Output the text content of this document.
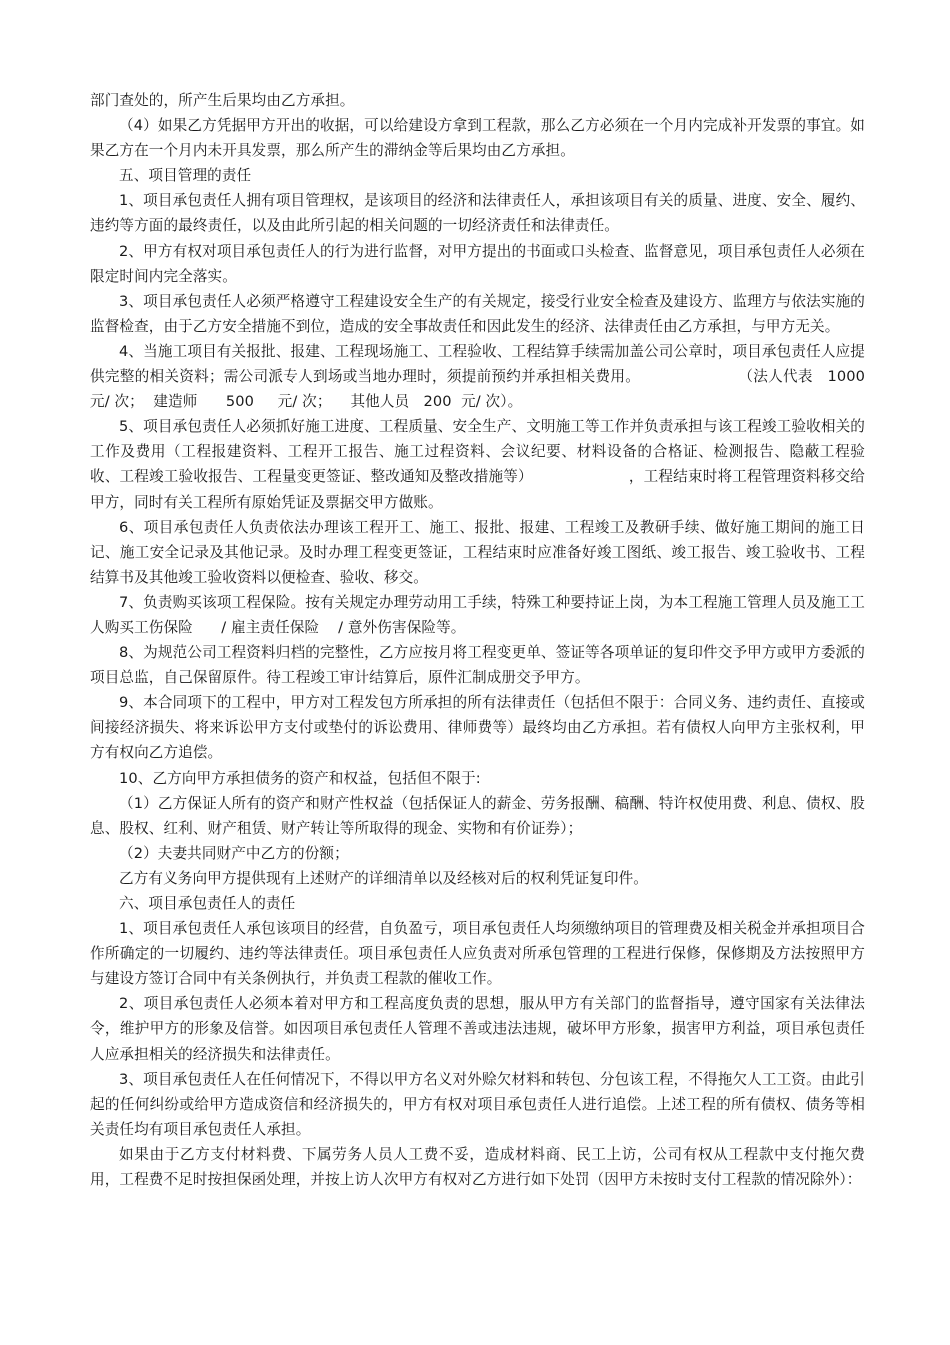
部门查处的，所产生后果均由乙方承担。

（4）如果乙方凭据甲方开出的收据，可以给建设方拿到工程款，那么乙方必须在一个月内完成补开发票的事宜。如果乙方在一个月内未开具发票，那么所产生的滞纳金等后果均由乙方承担。

五、项目管理的责任

1、项目承包责任人拥有项目管理权，是该项目的经济和法律责任人，承担该项目有关的质量、进度、安全、履约、违约等方面的最终责任，以及由此所引起的相关问题的一切经济责任和法律责任。

2、甲方有权对项目承包责任人的行为进行监督，对甲方提出的书面或口头检查、监督意见，项目承包责任人必须在限定时间内完全落实。

3、项目承包责任人必须严格遵守工程建设安全生产的有关规定，接受行业安全检查及建设方、监理方与依法实施的监督检查，由于乙方安全措施不到位，造成的安全事故责任和因此发生的经济、法律责任由乙方承担，与甲方无关。

4、当施工项目有关报批、报建、工程现场施工、工程验收、工程结算手续需加盖公司公章时，项目承包责任人应提供完整的相关资料；需公司派专人到场或当地办理时，须提前预约并承担相关费用。                    （法人代表   1000 元/ 次；  建造师      500     元/ 次；    其他人员   200  元/ 次）。

5、项目承包责任人必须抓好施工进度、工程质量、安全生产、文明施工等工作并负责承担与该工程竣工验收相关的工作及费用（工程报建资料、工程开工报告、施工过程资料、会议纪要、材料设备的合格证、检测报告、隐蔽工程验收、工程竣工验收报告、工程量变更签证、整改通知及整改措施等）                    ，工程结束时将工程管理资料移交给甲方，同时有关工程所有原始凭证及票据交甲方做账。

6、项目承包责任人负责依法办理该工程开工、施工、报批、报建、工程竣工及教研手续、做好施工期间的施工日记、施工安全记录及其他记录。及时办理工程变更签证，工程结束时应准备好竣工图纸、竣工报告、竣工验收书、工程结算书及其他竣工验收资料以便检查、验收、移交。

7、负责购买该项工程保险。按有关规定办理劳动用工手续，特殊工种要持证上岗，为本工程施工管理人员及施工工人购买工伤保险      / 雇主责任保险    / 意外伤害保险等。

8、为规范公司工程资料归档的完整性，乙方应按月将工程变更单、签证等各项单证的复印件交予甲方或甲方委派的项目总监，自己保留原件。待工程竣工审计结算后，原件汇制成册交予甲方。

9、本合同项下的工程中，甲方对工程发包方所承担的所有法律责任（包括但不限于：合同义务、违约责任、直接或间接经济损失、将来诉讼甲方支付或垫付的诉讼费用、律师费等）最终均由乙方承担。若有债权人向甲方主张权利，甲方有权向乙方追偿。

10、乙方向甲方承担债务的资产和权益，包括但不限于:

（1）乙方保证人所有的资产和财产性权益（包括保证人的薪金、劳务报酬、稿酬、特许权使用费、利息、债权、股息、股权、红利、财产租赁、财产转让等所取得的现金、实物和有价证券）；

（2）夫妻共同财产中乙方的份额；

乙方有义务向甲方提供现有上述财产的详细清单以及经核对后的权利凭证复印件。

六、项目承包责任人的责任

1、项目承包责任人承包该项目的经营，自负盈亏，项目承包责任人均须缴纳项目的管理费及相关税金并承担项目合作所确定的一切履约、违约等法律责任。项目承包责任人应负责对所承包管理的工程进行保修，保修期及方法按照甲方与建设方签订合同中有关条例执行，并负责工程款的催收工作。

2、项目承包责任人必须本着对甲方和工程高度负责的思想，服从甲方有关部门的监督指导，遵守国家有关法律法令，维护甲方的形象及信誉。如因项目承包责任人管理不善或违法违规，破坏甲方形象，损害甲方利益，项目承包责任人应承担相关的经济损失和法律责任。

3、项目承包责任人在任何情况下，不得以甲方名义对外赊欠材料和转包、分包该工程，不得拖欠人工工资。由此引起的任何纠纷或给甲方造成资信和经济损失的，甲方有权对项目承包责任人进行追偿。上述工程的所有债权、债务等相关责任均有项目承包责任人承担。

如果由于乙方支付材料费、下属劳务人员人工费不妥，造成材料商、民工上访，公司有权从工程款中支付拖欠费用，工程费不足时按担保函处理，并按上访人次甲方有权对乙方进行如下处罚（因甲方未按时支付工程款的情况除外）：
